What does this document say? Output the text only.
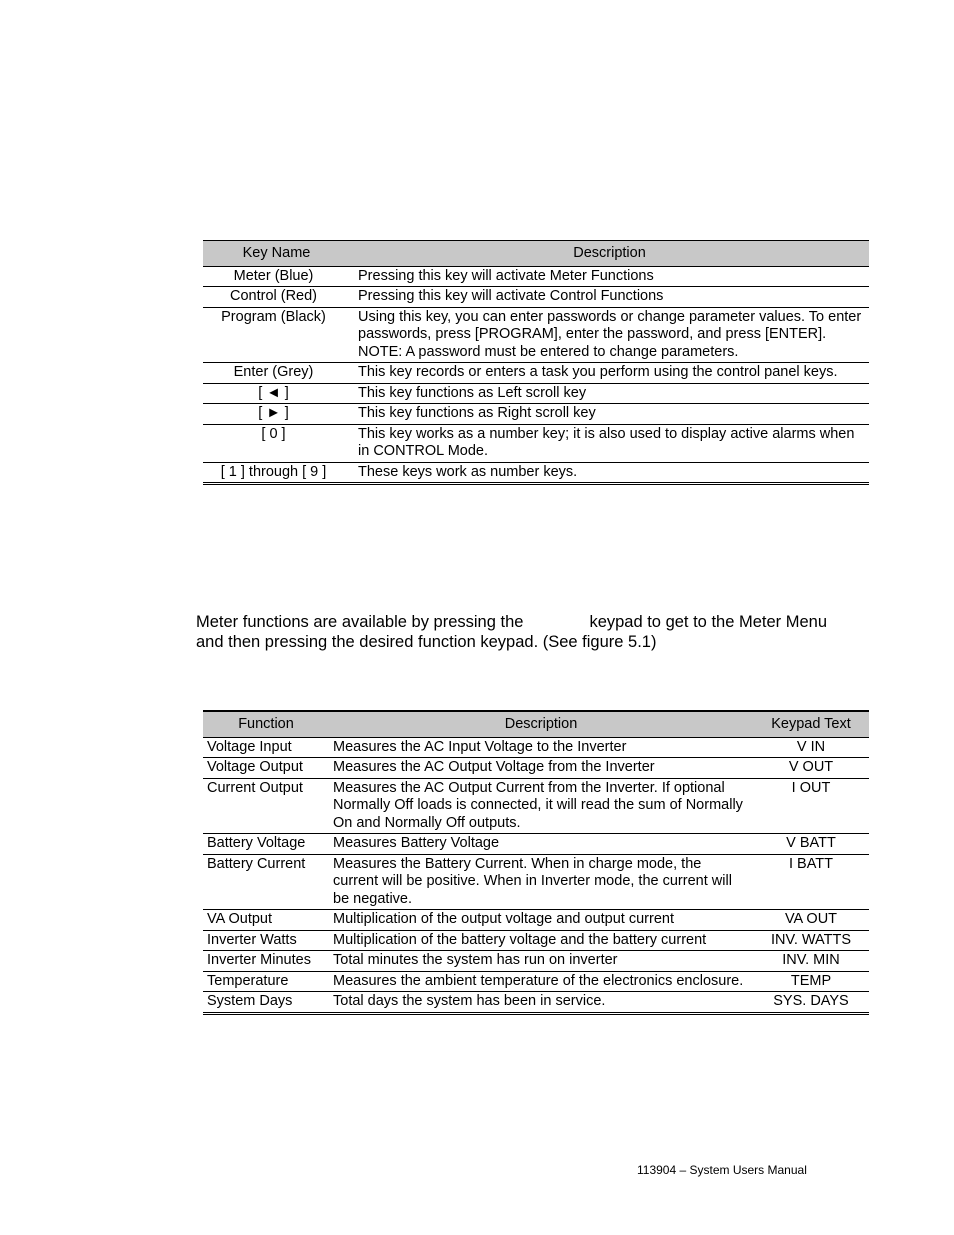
Key Name	Description
Meter (Blue)	Pressing this key will activate Meter Functions
Control (Red)	Pressing this key will activate Control Functions
Program (Black)	Using this key, you can enter passwords or change parameter values. To enter passwords, press [PROGRAM], enter the password, and press [ENTER]. NOTE: A password must be entered to change parameters.
Enter (Grey)	This key records or enters a task you perform using the control panel keys.
[ ◄ ]	This key functions as Left scroll key
[ ► ]	This key functions as Right scroll key
[ 0 ]	This key works as a number key; it is also used to display active alarms when in CONTROL Mode.
[ 1 ] through [ 9 ]	These keys work as number keys.

Meter functions are available by pressing the	keypad to get to the Meter Menu and then pressing the desired function keypad. (See figure 5.1)

Function	Description	Keypad Text
Voltage Input	Measures the AC Input Voltage to the Inverter	V IN
Voltage Output	Measures the AC Output Voltage from the Inverter	V OUT
Current Output	Measures the AC Output Current from the Inverter. If optional Normally Off loads is connected, it will read the sum of Normally On and Normally Off outputs.	I OUT
Battery Voltage	Measures Battery Voltage	V BATT
Battery Current	Measures the Battery Current. When in charge mode, the current will be positive. When in Inverter mode, the current will be negative.	I BATT
VA Output	Multiplication of the output voltage and output current	VA OUT
Inverter Watts	Multiplication of the battery voltage and the battery current	INV. WATTS
Inverter Minutes	Total minutes the system has run on inverter	INV. MIN
Temperature	Measures the ambient temperature of the electronics enclosure.	TEMP
System Days	Total days the system has been in service.	SYS. DAYS

113904 – System Users Manual
